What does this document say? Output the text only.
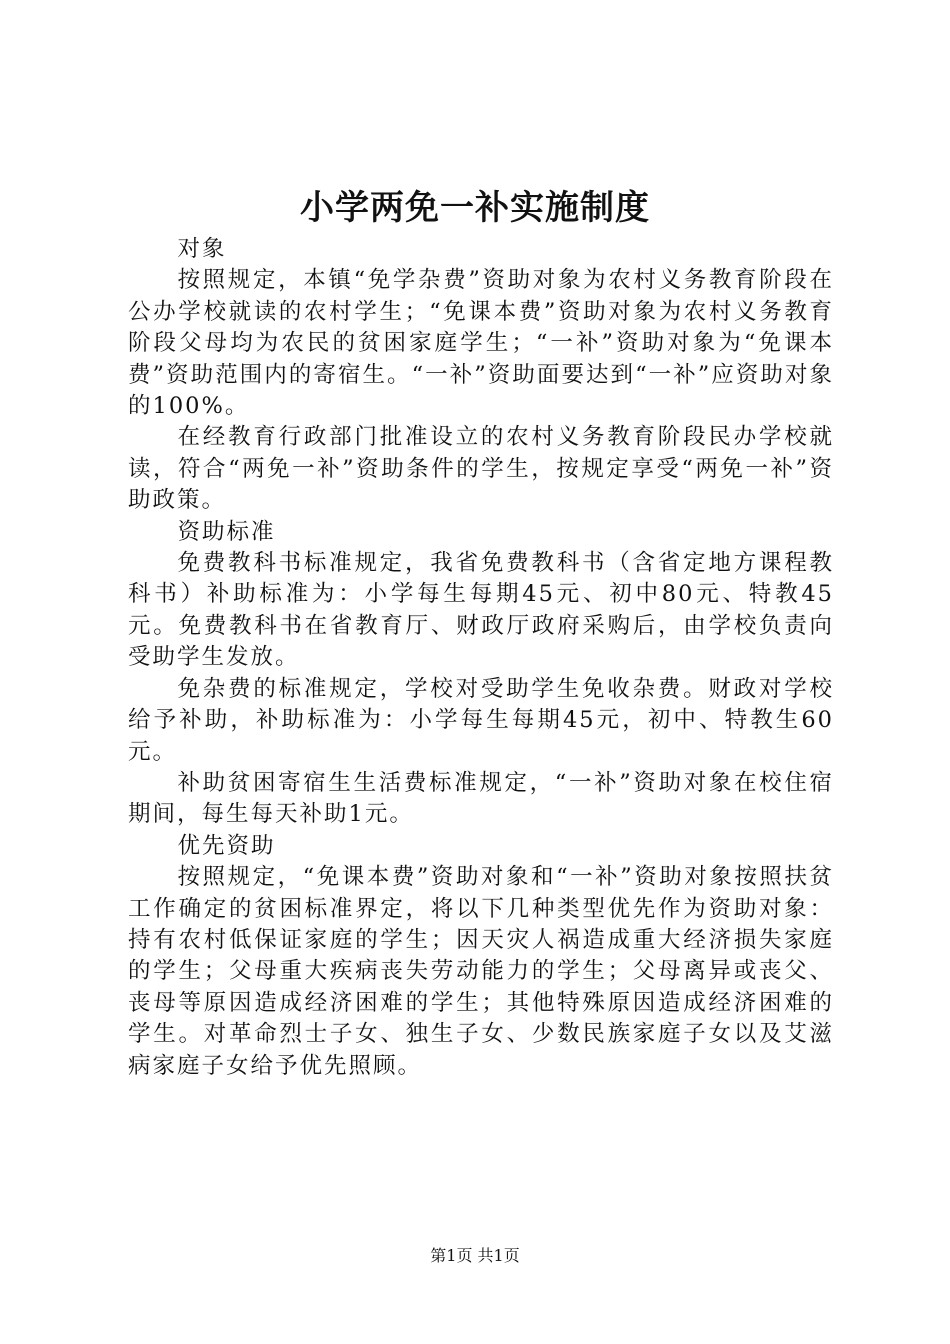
小学两免一补实施制度

对象

按照规定，本镇“免学杂费”资助对象为农村义务教育阶段在公办学校就读的农村学生；“免课本费”资助对象为农村义务教育阶段父母均为农民的贫困家庭学生；“一补”资助对象为“免课本费”资助范围内的寄宿生。“一补”资助面要达到“一补”应资助对象的100%。

在经教育行政部门批准设立的农村义务教育阶段民办学校就读，符合“两免一补”资助条件的学生，按规定享受“两免一补”资助政策。

资助标准

免费教科书标准规定，我省免费教科书（含省定地方课程教科书）补助标准为：小学每生每期45元、初中80元、特教45元。免费教科书在省教育厅、财政厅政府采购后，由学校负责向受助学生发放。

免杂费的标准规定，学校对受助学生免收杂费。财政对学校给予补助，补助标准为：小学每生每期45元，初中、特教生60元。

补助贫困寄宿生生活费标准规定，“一补”资助对象在校住宿期间，每生每天补助1元。

优先资助

按照规定，“免课本费”资助对象和“一补”资助对象按照扶贫工作确定的贫困标准界定，将以下几种类型优先作为资助对象：持有农村低保证家庭的学生；因天灾人祸造成重大经济损失家庭的学生；父母重大疾病丧失劳动能力的学生；父母离异或丧父、丧母等原因造成经济困难的学生；其他特殊原因造成经济困难的学生。对革命烈士子女、独生子女、少数民族家庭子女以及艾滋病家庭子女给予优先照顾。

第1页 共1页
